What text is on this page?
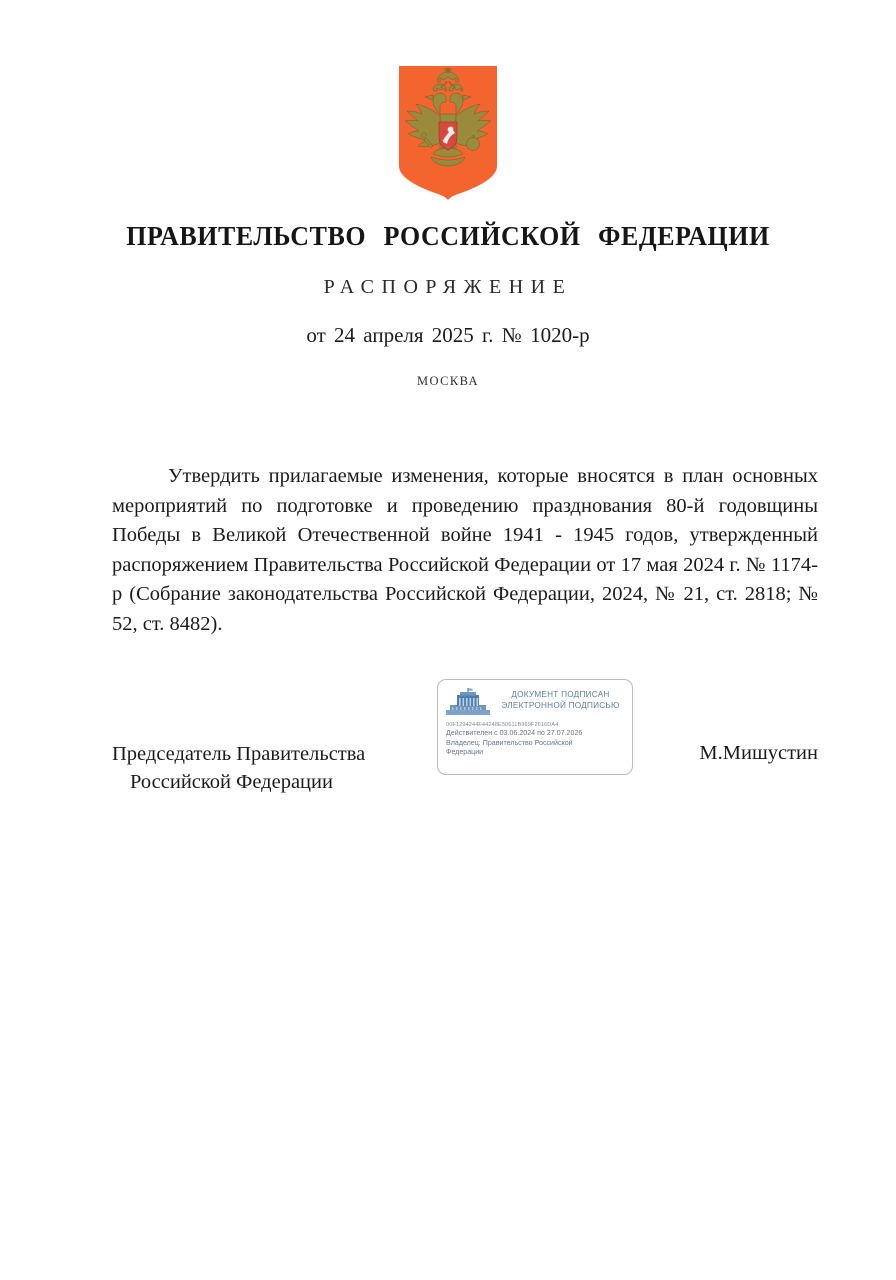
ПРАВИТЕЛЬСТВО РОССИЙСКОЙ ФЕДЕРАЦИИ
РАСПОРЯЖЕНИЕ
от 24 апреля 2025 г. № 1020-р
МОСКВА
Утвердить прилагаемые изменения, которые вносятся в план основных мероприятий по подготовке и проведению празднования 80-й годовщины Победы в Великой Отечественной войне 1941 - 1945 годов, утвержденный распоряжением Правительства Российской Федерации от 17 мая 2024 г. № 1174-р (Собрание законодательства Российской Федерации, 2024, № 21, ст. 2818; № 52, ст. 8482).

Председатель Правительства

Российской Федерации

М.Мишустин
ДОКУМЕНТ ПОДПИСАН
ЭЛЕКТРОННОЙ ПОДПИСЬЮ
00F1294244F44248E50611B969F2616DA4
Действителен с 03.06.2024 по 27.07.2026
Владелец: Правительство Российской
Федерации
